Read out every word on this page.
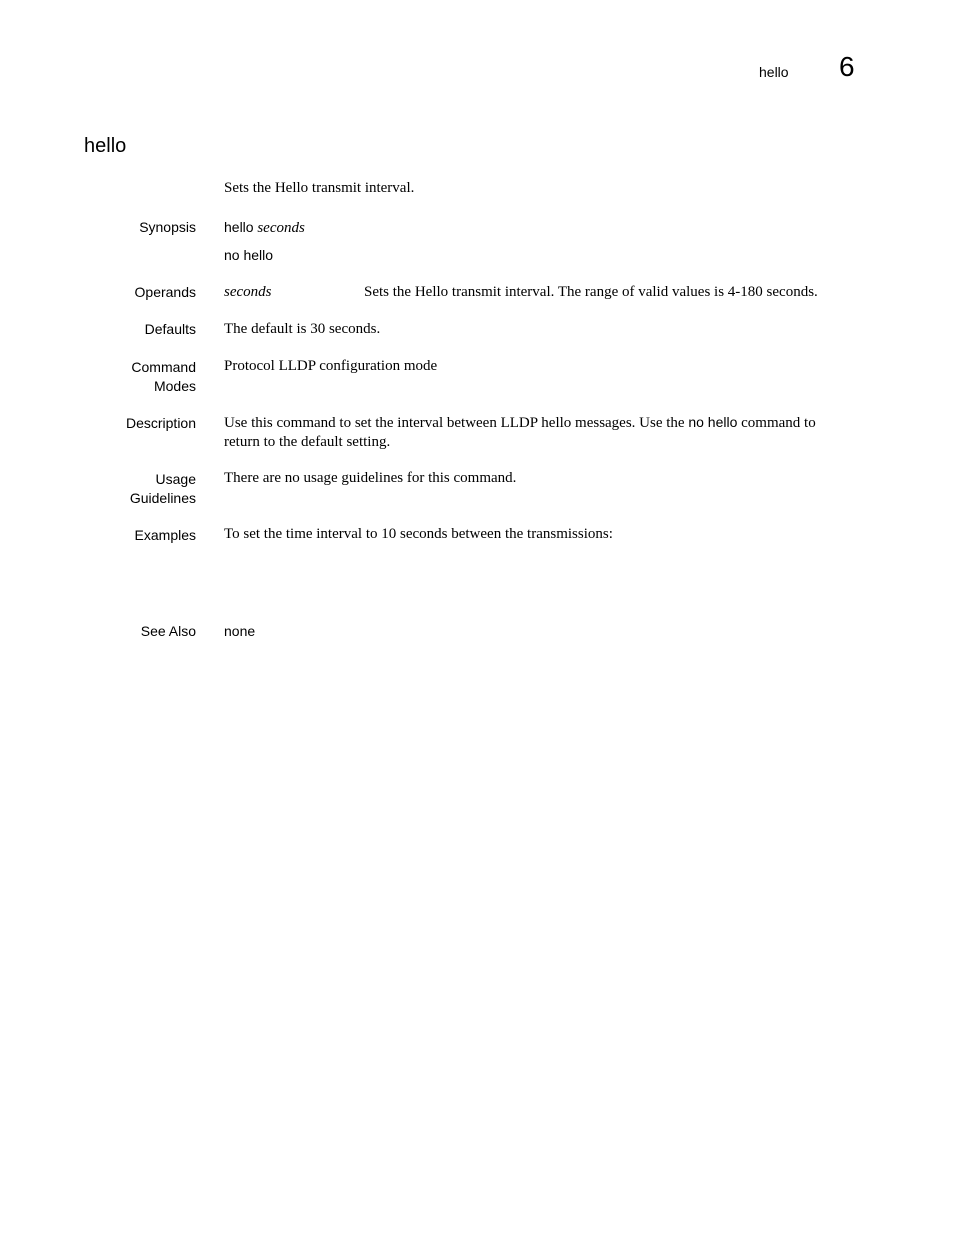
hello 6
hello
Sets the Hello transmit interval.
Synopsis hello seconds
no hello
Operands seconds	Sets the Hello transmit interval. The range of valid values is 4-180 seconds.
Defaults The default is 30 seconds.
Command
Modes
Protocol LLDP configuration mode
Description Use this command to set the interval between LLDP hello messages. Use the no hello command to
return to the default setting.
Usage
Guidelines
There are no usage guidelines for this command.
Examples To set the time interval to 10 seconds between the transmissions:
See Also none
